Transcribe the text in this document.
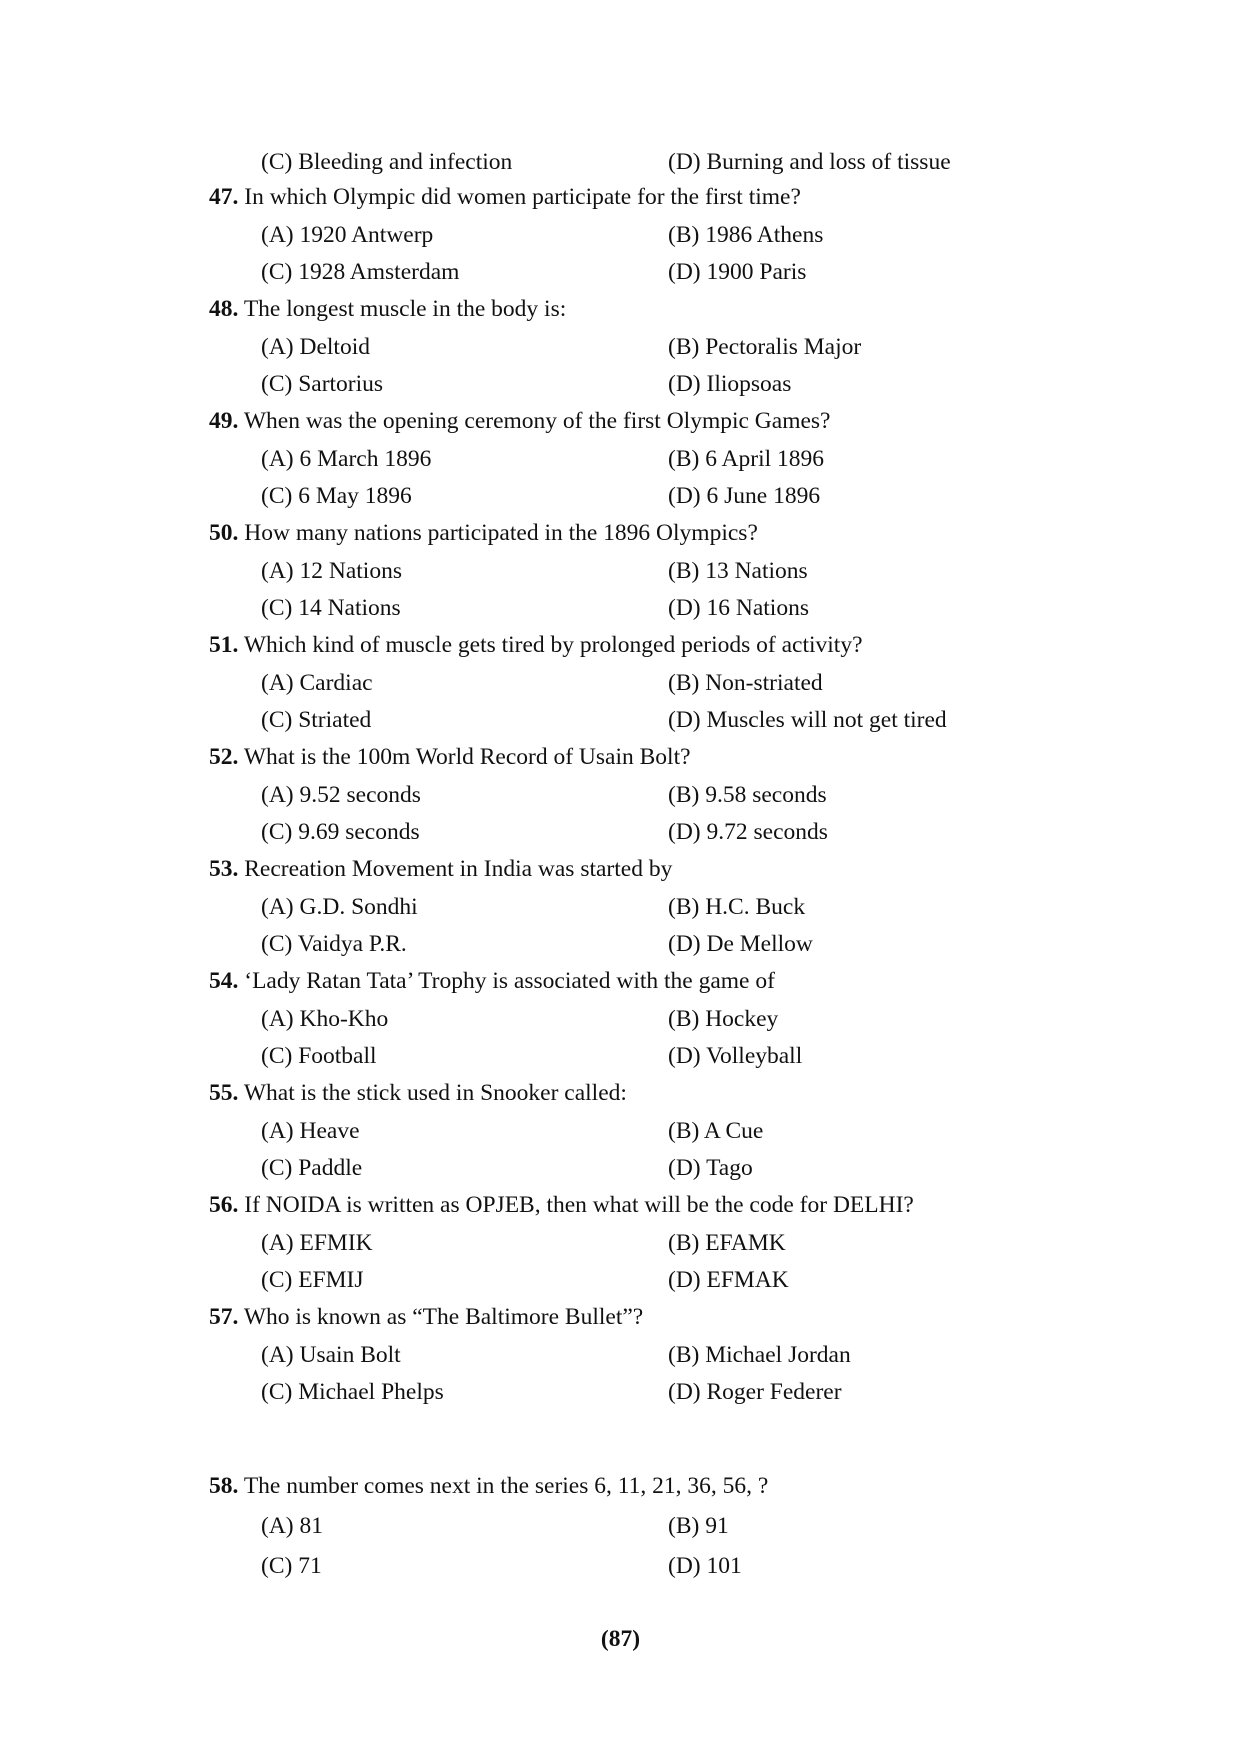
(C) Bleeding and infection	(D) Burning and loss of tissue
47. In which Olympic did women participate for the first time?
(A) 1920 Antwerp	(B) 1986 Athens
(C) 1928 Amsterdam	(D) 1900 Paris
48. The longest muscle in the body is:
(A) Deltoid	(B) Pectoralis Major
(C) Sartorius	(D) Iliopsoas
49. When was the opening ceremony of the first Olympic Games?
(A) 6 March 1896	(B) 6 April 1896
(C) 6 May 1896	(D) 6 June 1896
50. How many nations participated in the 1896 Olympics?
(A) 12 Nations	(B) 13 Nations
(C) 14 Nations	(D) 16 Nations
51. Which kind of muscle gets tired by prolonged periods of activity?
(A) Cardiac	(B) Non-striated
(C) Striated	(D) Muscles will not get tired
52. What is the 100m World Record of Usain Bolt?
(A) 9.52 seconds	(B) 9.58 seconds
(C) 9.69 seconds	(D) 9.72 seconds
53. Recreation Movement in India was started by
(A) G.D. Sondhi	(B) H.C. Buck
(C) Vaidya P.R.	(D) De Mellow
54. ‘Lady Ratan Tata’ Trophy is associated with the game of
(A) Kho-Kho	(B) Hockey
(C) Football	(D) Volleyball
55. What is the stick used in Snooker called:
(A) Heave	(B) A Cue
(C) Paddle	(D) Tago
56. If NOIDA is written as OPJEB, then what will be the code for DELHI?
(A) EFMIK	(B) EFAMK
(C) EFMIJ	(D) EFMAK
57. Who is known as “The Baltimore Bullet”?
(A) Usain Bolt	(B) Michael Jordan
(C) Michael Phelps	(D) Roger Federer
58. The number comes next in the series 6, 11, 21, 36, 56, ?
(A) 81	(B) 91
(C) 71	(D) 101
(87)
